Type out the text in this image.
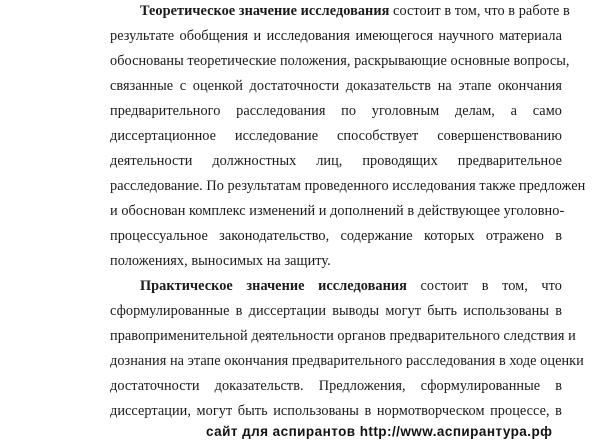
Теоретическое значение исследования состоит в том, что в работе в
результате обобщения и исследования имеющегося научного материала
обоснованы теоретические положения, раскрывающие основные вопросы,
связанные с оценкой достаточности доказательств на этапе окончания
предварительного расследования по уголовным делам, а само
диссертационное исследование способствует совершенствованию
деятельности должностных лиц, проводящих предварительное
расследование. По результатам проведенного исследования также предложен
и обоснован комплекс изменений и дополнений в действующее уголовно-
процессуальное законодательство, содержание которых отражено в
положениях, выносимых на защиту.
Практическое значение исследования состоит в том, что
сформулированные в диссертации выводы могут быть использованы в
правоприменительной деятельности органов предварительного следствия и
дознания на этапе окончания предварительного расследования в ходе оценки
достаточности доказательств. Предложения, сформулированные в
диссертации, могут быть использованы в нормотворческом процессе, в
сайт для аспирантов http://www.аспирантура.рф
